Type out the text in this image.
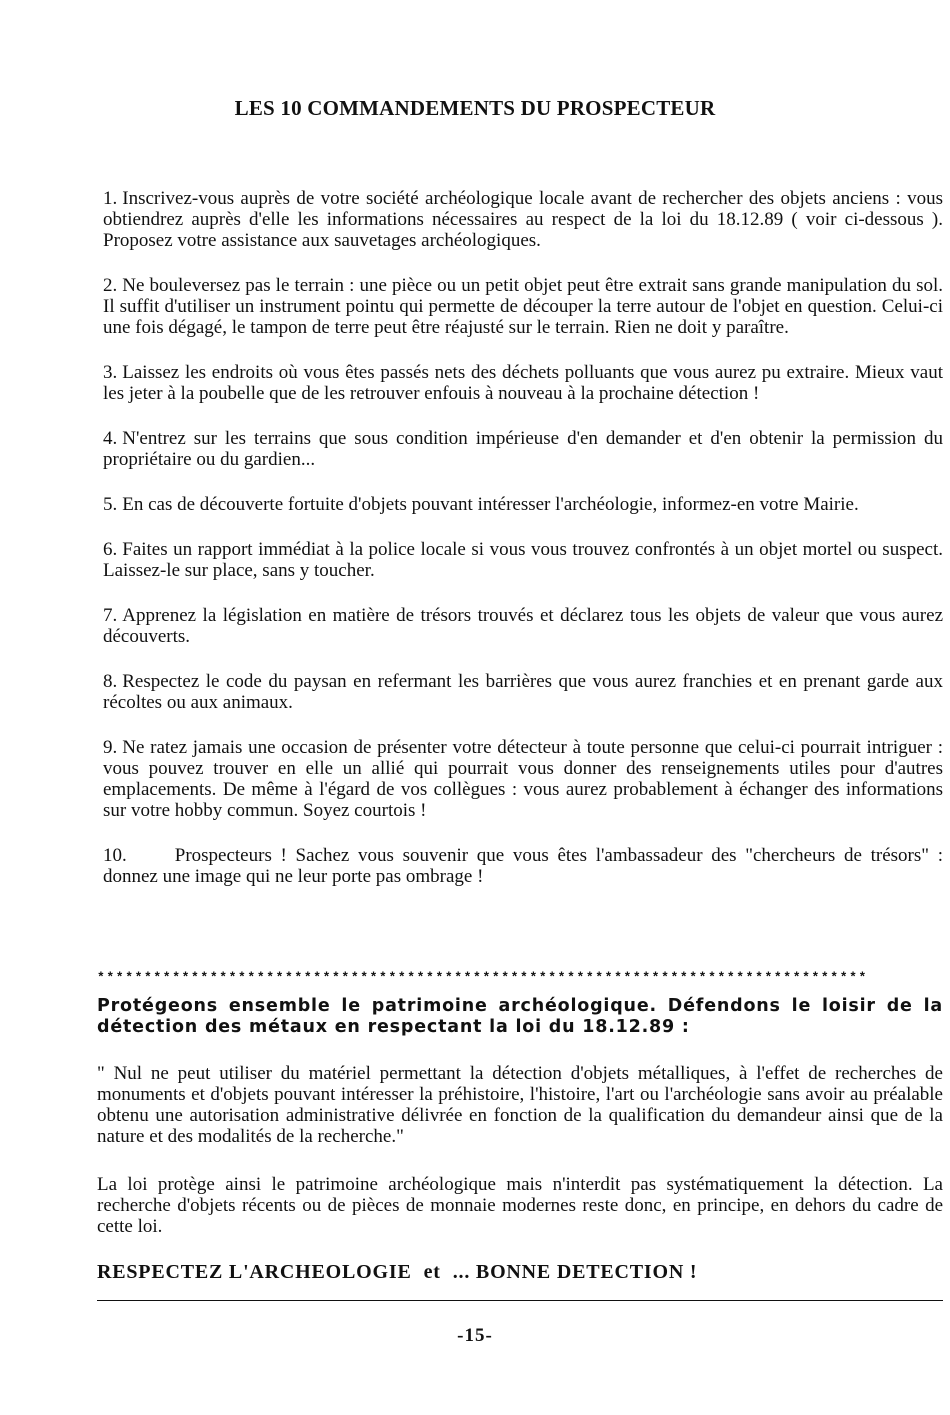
LES 10 COMMANDEMENTS DU PROSPECTEUR

1. Inscrivez-vous auprès de votre société archéologique locale avant de rechercher des objets anciens : vous obtiendrez auprès d'elle les informations nécessaires au respect de la loi du 18.12.89 ( voir ci-dessous ). Proposez votre assistance aux sauvetages archéologiques.

2. Ne bouleversez pas le terrain : une pièce ou un petit objet peut être extrait sans grande manipulation du sol. Il suffit d'utiliser un instrument pointu qui permette de découper la terre autour de l'objet en question. Celui-ci une fois dégagé, le tampon de terre peut être réajusté sur le terrain. Rien ne doit y paraître.

3. Laissez les endroits où vous êtes passés nets des déchets polluants que vous aurez pu extraire. Mieux vaut les jeter à la poubelle que de les retrouver enfouis à nouveau à la prochaine détection !

4. N'entrez sur les terrains que sous condition impérieuse d'en demander et d'en obtenir la permission du propriétaire ou du gardien...

5. En cas de découverte fortuite d'objets pouvant intéresser l'archéologie, informez-en votre Mairie.

6. Faites un rapport immédiat à la police locale si vous vous trouvez confrontés à un objet mortel ou suspect. Laissez-le sur place, sans y toucher.

7. Apprenez la législation en matière de trésors trouvés et déclarez tous les objets de valeur que vous aurez découverts.

8. Respectez le code du paysan en refermant les barrières que vous aurez franchies et en prenant garde aux récoltes ou aux animaux.

9. Ne ratez jamais une occasion de présenter votre détecteur à toute personne que celui-ci pourrait intriguer : vous pouvez trouver en elle un allié qui pourrait vous donner des renseignements utiles pour d'autres emplacements. De même à l'égard de vos collègues : vous aurez probablement à échanger des informations sur votre hobby commun. Soyez courtois !

10.	Prospecteurs ! Sachez vous souvenir que vous êtes l'ambassadeur des "chercheurs de trésors" : donnez une image qui ne leur porte pas ombrage !

**********************************************************************************
Protégeons ensemble le patrimoine archéologique. Défendons le loisir de la détection des métaux en respectant la loi du 18.12.89 :
" Nul ne peut utiliser du matériel permettant la détection d'objets métalliques, à l'effet de recherches de monuments et d'objets pouvant intéresser la préhistoire, l'histoire, l'art ou l'archéologie sans avoir au préalable obtenu une autorisation administrative délivrée en fonction de la qualification du demandeur ainsi que de la nature et des modalités de la recherche."
La loi protège ainsi le patrimoine archéologique mais n'interdit pas systématiquement la détection. La recherche d'objets récents ou de pièces de monnaie modernes reste donc, en principe, en dehors du cadre de cette loi.
RESPECTEZ L'ARCHEOLOGIE et ... BONNE DETECTION !
-15-
